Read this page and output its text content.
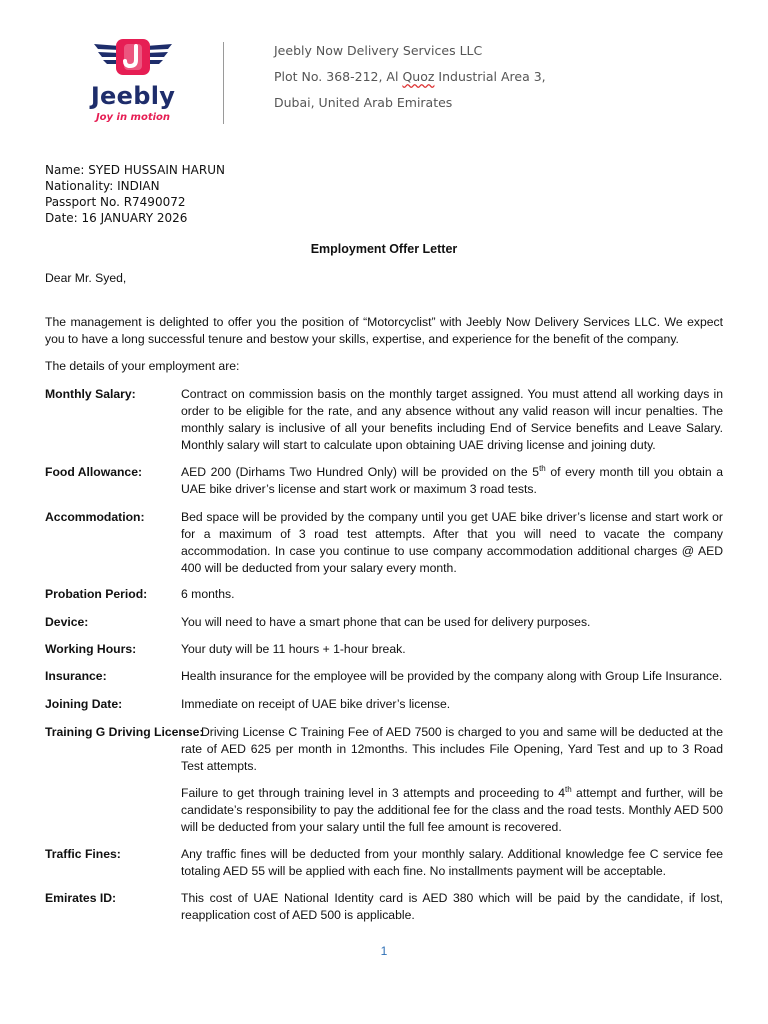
Jeebly
Joy in motion
Jeebly Now Delivery Services LLC
Plot No. 368-212, Al Quoz Industrial Area 3,
Dubai, United Arab Emirates
Name: SYED HUSSAIN HARUN
Nationality: INDIAN
Passport No. R7490072
Date: 16 JANUARY 2026
Employment Offer Letter
Dear Mr. Syed,
The management is delighted to offer you the position of “Motorcyclist” with Jeebly Now Delivery Services LLC. We expect you to have a long successful tenure and bestow your skills, expertise, and experience for the benefit of the company.
The details of your employment are:
Monthly Salary:	Contract on commission basis on the monthly target assigned. You must attend all working days in order to be eligible for the rate, and any absence without any valid reason will incur penalties. The monthly salary is inclusive of all your benefits including End of Service benefits and Leave Salary. Monthly salary will start to calculate upon obtaining UAE driving license and joining duty.
Food Allowance:	AED 200 (Dirhams Two Hundred Only) will be provided on the 5th of every month till you obtain a UAE bike driver’s license and start work or maximum 3 road tests.
Accommodation:	Bed space will be provided by the company until you get UAE bike driver’s license and start work or for a maximum of 3 road test attempts. After that you will need to vacate the company accommodation. In case you continue to use company accommodation additional charges @ AED 400 will be deducted from your salary every month.
Probation Period:	6 months.
Device:	You will need to have a smart phone that can be used for delivery purposes.
Working Hours:	Your duty will be 11 hours + 1-hour break.
Insurance:	Health insurance for the employee will be provided by the company along with Group Life Insurance.
Joining Date:	Immediate on receipt of UAE bike driver’s license.
Training G Driving License:
Driving License C Training Fee of AED 7500 is charged to you and same will be deducted at the rate of AED 625 per month in 12months. This includes File Opening, Yard Test and up to 3 Road Test attempts.
Failure to get through training level in 3 attempts and proceeding to 4th attempt and further, will be candidate’s responsibility to pay the additional fee for the class and the road tests. Monthly AED 500 will be deducted from your salary until the full fee amount is recovered.
Traffic Fines:	Any traffic fines will be deducted from your monthly salary. Additional knowledge fee C service fee totaling AED 55 will be applied with each fine. No installments payment will be acceptable.
Emirates ID:	This cost of UAE National Identity card is AED 380 which will be paid by the candidate, if lost, reapplication cost of AED 500 is applicable.
1
